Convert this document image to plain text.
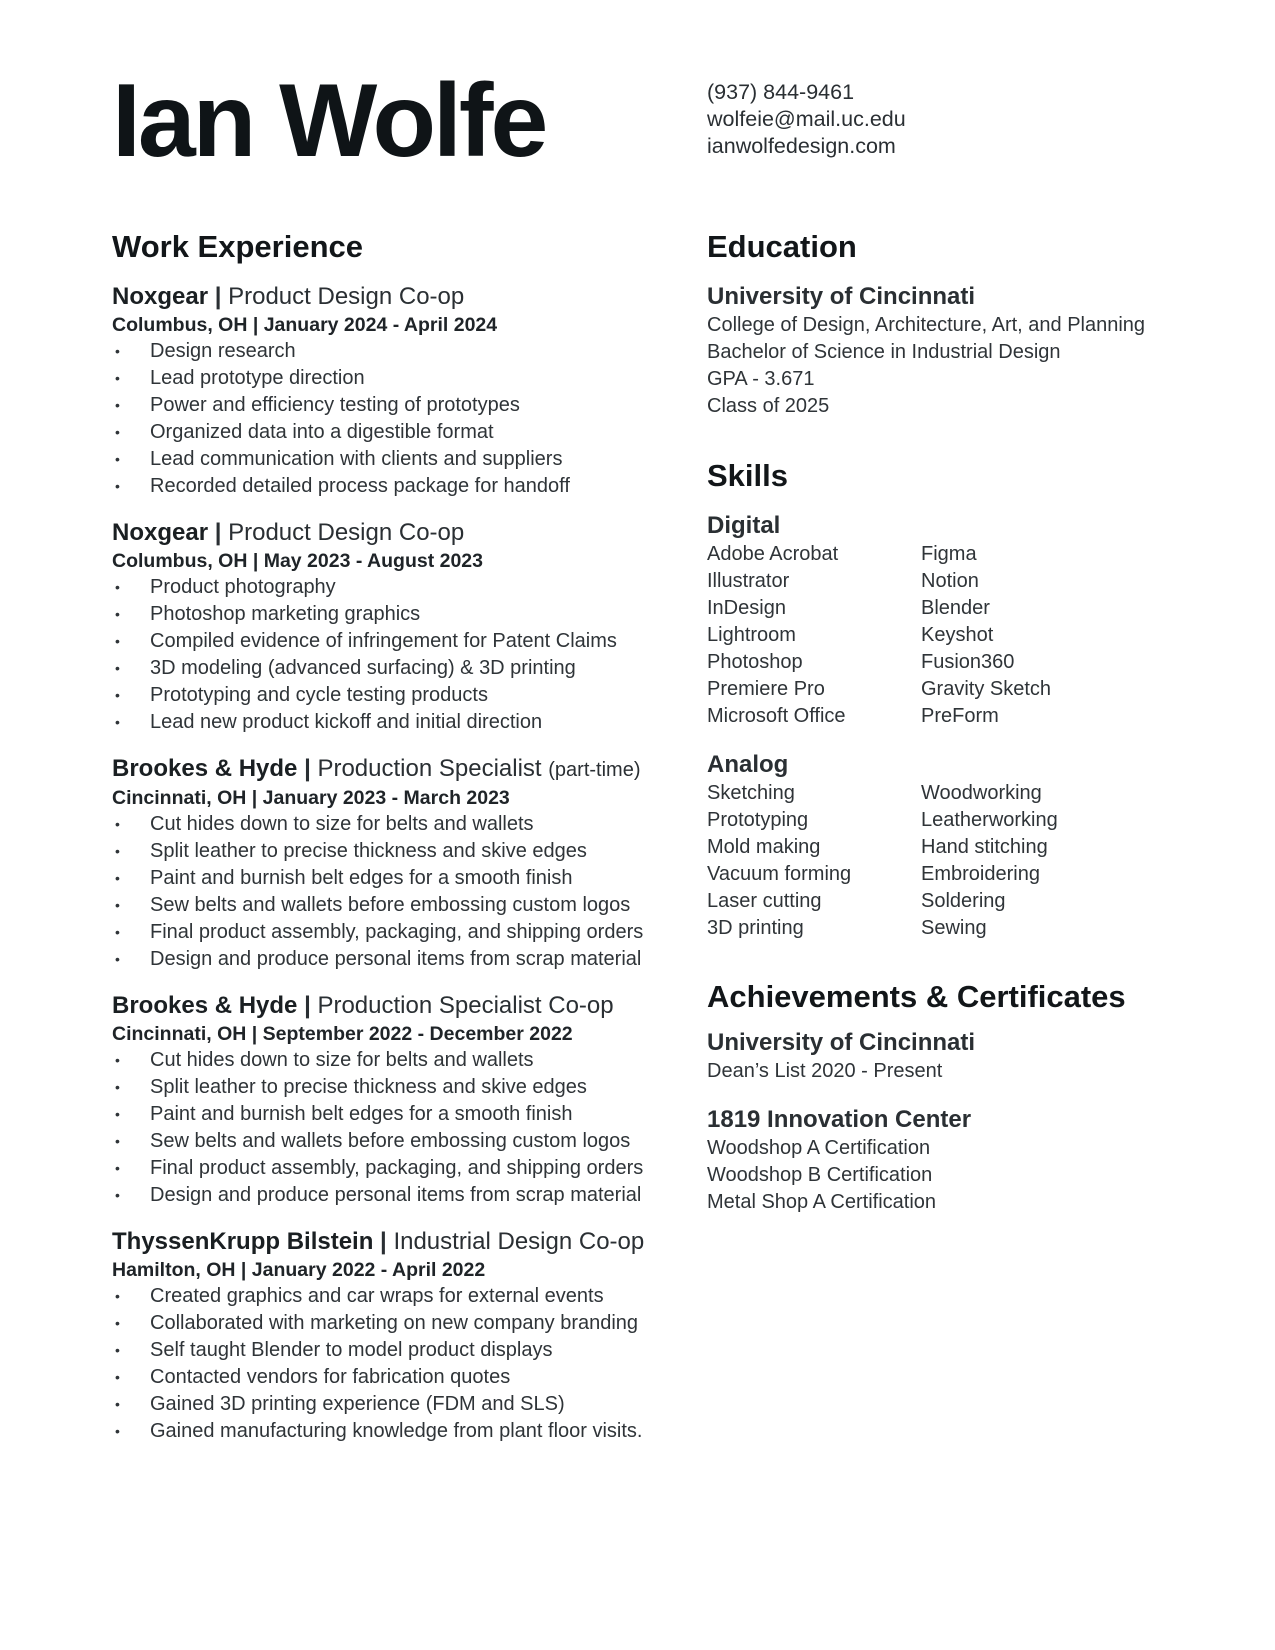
Ian Wolfe	(937) 844-9461
wolfeie@mail.uc.edu
ianwolfedesign.com
Work Experience
Noxgear | Product Design Co-op
Columbus, OH | January 2024 - April 2024
• Design research
• Lead prototype direction
• Power and efficiency testing of prototypes
• Organized data into a digestible format
• Lead communication with clients and suppliers
• Recorded detailed process package for handoff
Noxgear | Product Design Co-op
Columbus, OH | May 2023 - August 2023
• Product photography
• Photoshop marketing graphics
• Compiled evidence of infringement for Patent Claims
• 3D modeling (advanced surfacing) & 3D printing
• Prototyping and cycle testing products
• Lead new product kickoff and initial direction
Brookes & Hyde | Production Specialist (part-time)
Cincinnati, OH | January 2023 - March 2023
• Cut hides down to size for belts and wallets
• Split leather to precise thickness and skive edges
• Paint and burnish belt edges for a smooth finish
• Sew belts and wallets before embossing custom logos
• Final product assembly, packaging, and shipping orders
• Design and produce personal items from scrap material
Brookes & Hyde | Production Specialist Co-op
Cincinnati, OH | September 2022 - December 2022
• Cut hides down to size for belts and wallets
• Split leather to precise thickness and skive edges
• Paint and burnish belt edges for a smooth finish
• Sew belts and wallets before embossing custom logos
• Final product assembly, packaging, and shipping orders
• Design and produce personal items from scrap material
ThyssenKrupp Bilstein | Industrial Design Co-op
Hamilton, OH | January 2022 - April 2022
• Created graphics and car wraps for external events
• Collaborated with marketing on new company branding
• Self taught Blender to model product displays
• Contacted vendors for fabrication quotes
• Gained 3D printing experience (FDM and SLS)
• Gained manufacturing knowledge from plant floor visits.
Education
University of Cincinnati
College of Design, Architecture, Art, and Planning
Bachelor of Science in Industrial Design
GPA - 3.671
Class of 2025
Skills
Digital
Adobe Acrobat
Illustrator
InDesign
Lightroom
Photoshop
Premiere Pro
Microsoft Office
Figma
Notion
Blender
Keyshot
Fusion360
Gravity Sketch
PreForm
Analog
Sketching
Prototyping
Mold making
Vacuum forming
Laser cutting
3D printing
Woodworking
Leatherworking
Hand stitching
Embroidering
Soldering
Sewing
Achievements & Certificates
University of Cincinnati
Dean’s List 2020 - Present
1819 Innovation Center
Woodshop A Certification
Woodshop B Certification
Metal Shop A Certification
